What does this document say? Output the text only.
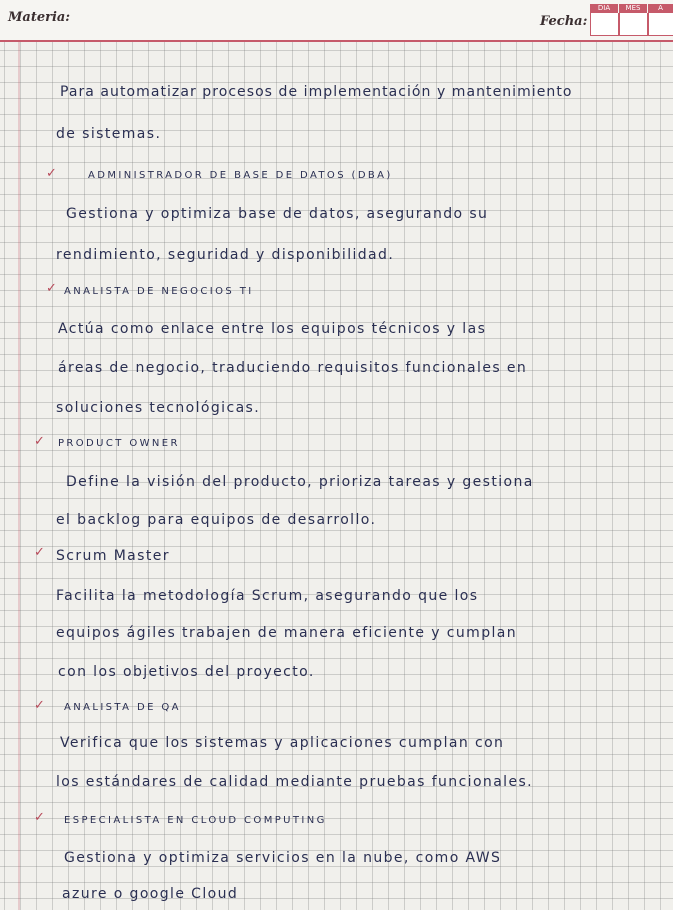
Materia:	Fecha:
DIA	MES	A
Para automatizar procesos de implementación y mantenimiento
de sistemas.
✓	ADMINISTRADOR DE BASE DE DATOS (DBA)
Gestiona y optimiza base de datos, asegurando su
rendimiento, seguridad y disponibilidad.
✓ ANALISTA DE NEGOCIOS TI
Actúa como enlace entre los equipos técnicos y las
áreas de negocio, traduciendo requisitos funcionales en
soluciones tecnológicas.
✓ PRODUCT OWNER
Define la visión del producto, prioriza tareas y gestiona
el backlog para equipos de desarrollo.
✓ Scrum Master
Facilita la metodología Scrum, asegurando que los
equipos ágiles trabajen de manera eficiente y cumplan
con los objetivos del proyecto.
✓ ANALISTA DE QA
Verifica que los sistemas y aplicaciones cumplan con
los estándares de calidad mediante pruebas funcionales.
✓ ESPECIALISTA EN CLOUD COMPUTING
Gestiona y optimiza servicios en la nube, como AWS
azure o google Cloud
